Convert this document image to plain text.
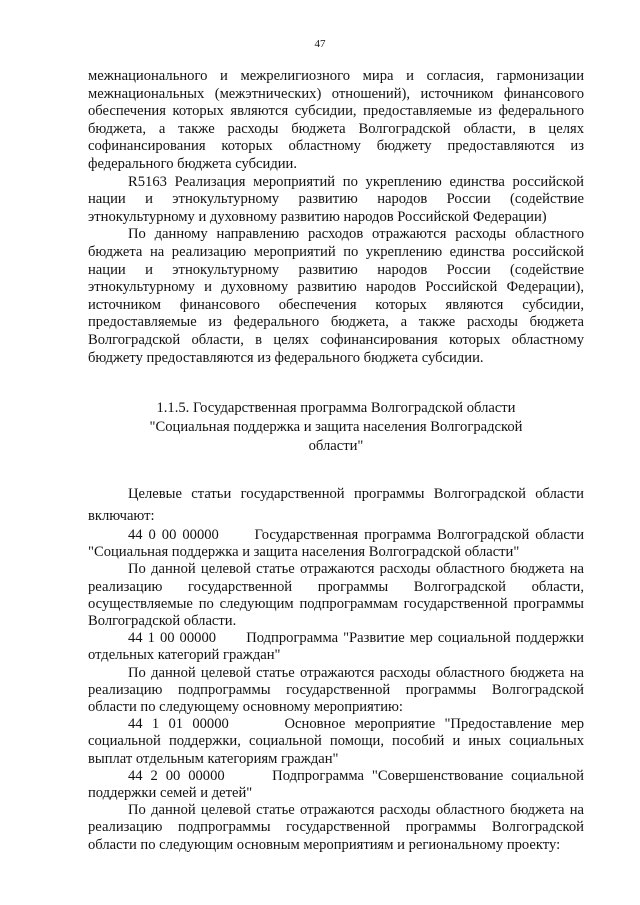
47

межнационального и межрелигиозного мира и согласия, гармонизации межнациональных (межэтнических) отношений), источником финансового обеспечения которых являются субсидии, предоставляемые из федерального бюджета, а также расходы бюджета Волгоградской области, в целях софинансирования которых областному бюджету предоставляются из федерального бюджета субсидии.

R5163 Реализация мероприятий по укреплению единства российской нации и этнокультурному развитию народов России (содействие этнокультурному и духовному развитию народов Российской Федерации)

По данному направлению расходов отражаются расходы областного бюджета на реализацию мероприятий по укреплению единства российской нации и этнокультурному развитию народов России (содействие этнокультурному и духовному развитию народов Российской Федерации), источником финансового обеспечения которых являются субсидии, предоставляемые из федерального бюджета, а также расходы бюджета Волгоградской области, в целях софинансирования которых областному бюджету предоставляются из федерального бюджета субсидии.

1.1.5. Государственная программа Волгоградской области
"Социальная поддержка и защита населения Волгоградской
области"

Целевые статьи государственной программы Волгоградской области включают:

44 0 00 00000      Государственная программа Волгоградской области "Социальная поддержка и защита населения Волгоградской области"

По данной целевой статье отражаются расходы областного бюджета на реализацию государственной программы Волгоградской области, осуществляемые по следующим подпрограммам государственной программы Волгоградской области.

44 1 00 00000      Подпрограмма "Развитие мер социальной поддержки отдельных категорий граждан"

По данной целевой статье отражаются расходы областного бюджета на реализацию подпрограммы государственной программы Волгоградской области по следующему основному мероприятию:

44 1 01 00000      Основное мероприятие "Предоставление мер социальной поддержки, социальной помощи, пособий и иных социальных выплат отдельным категориям граждан"

44 2 00 00000      Подпрограмма "Совершенствование социальной поддержки семей и детей"

По данной целевой статье отражаются расходы областного бюджета на реализацию подпрограммы государственной программы Волгоградской области по следующим основным мероприятиям и региональному проекту:
